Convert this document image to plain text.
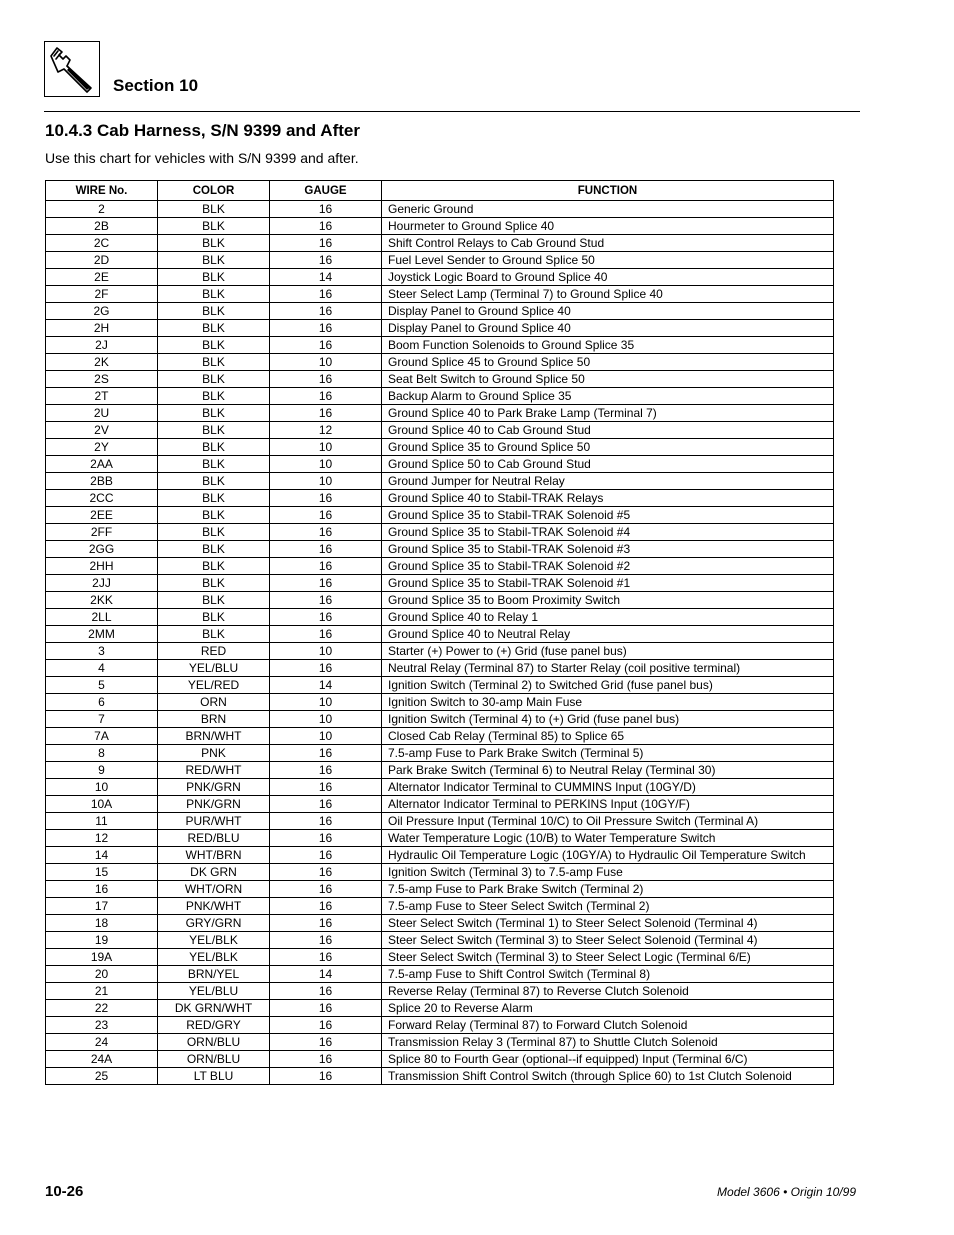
Section 10
10.4.3 Cab Harness, S/N 9399 and After
Use this chart for vehicles with S/N 9399 and after.
WIRE No.	COLOR	GAUGE	FUNCTION
2	BLK	16	Generic Ground
2B	BLK	16	Hourmeter to Ground Splice 40
2C	BLK	16	Shift Control Relays to Cab Ground Stud
2D	BLK	16	Fuel Level Sender to Ground Splice 50
2E	BLK	14	Joystick Logic Board to Ground Splice 40
2F	BLK	16	Steer Select Lamp (Terminal 7) to Ground Splice 40
2G	BLK	16	Display Panel to Ground Splice 40
2H	BLK	16	Display Panel to Ground Splice 40
2J	BLK	16	Boom Function Solenoids to Ground Splice 35
2K	BLK	10	Ground Splice 45 to Ground Splice 50
2S	BLK	16	Seat Belt Switch to Ground Splice 50
2T	BLK	16	Backup Alarm to Ground Splice 35
2U	BLK	16	Ground Splice 40 to Park Brake Lamp (Terminal 7)
2V	BLK	12	Ground Splice 40 to Cab Ground Stud
2Y	BLK	10	Ground Splice 35 to Ground Splice 50
2AA	BLK	10	Ground Splice 50 to Cab Ground Stud
2BB	BLK	10	Ground Jumper for Neutral Relay
2CC	BLK	16	Ground Splice 40 to Stabil-TRAK Relays
2EE	BLK	16	Ground Splice 35 to Stabil-TRAK Solenoid #5
2FF	BLK	16	Ground Splice 35 to Stabil-TRAK Solenoid #4
2GG	BLK	16	Ground Splice 35 to Stabil-TRAK Solenoid #3
2HH	BLK	16	Ground Splice 35 to Stabil-TRAK Solenoid #2
2JJ	BLK	16	Ground Splice 35 to Stabil-TRAK Solenoid #1
2KK	BLK	16	Ground Splice 35 to Boom Proximity Switch
2LL	BLK	16	Ground Splice 40 to Relay 1
2MM	BLK	16	Ground Splice 40 to Neutral Relay
3	RED	10	Starter (+) Power to (+) Grid (fuse panel bus)
4	YEL/BLU	16	Neutral Relay (Terminal 87) to Starter Relay (coil positive terminal)
5	YEL/RED	14	Ignition Switch (Terminal 2) to Switched Grid (fuse panel bus)
6	ORN	10	Ignition Switch to 30-amp Main Fuse
7	BRN	10	Ignition Switch (Terminal 4) to (+) Grid (fuse panel bus)
7A	BRN/WHT	10	Closed Cab Relay (Terminal 85) to Splice 65
8	PNK	16	7.5-amp Fuse to Park Brake Switch (Terminal 5)
9	RED/WHT	16	Park Brake Switch (Terminal 6) to Neutral Relay (Terminal 30)
10	PNK/GRN	16	Alternator Indicator Terminal to CUMMINS Input (10GY/D)
10A	PNK/GRN	16	Alternator Indicator Terminal to PERKINS Input (10GY/F)
11	PUR/WHT	16	Oil Pressure Input (Terminal 10/C) to Oil Pressure Switch (Terminal A)
12	RED/BLU	16	Water Temperature Logic (10/B) to Water Temperature Switch
14	WHT/BRN	16	Hydraulic Oil Temperature Logic (10GY/A) to Hydraulic Oil Temperature Switch
15	DK GRN	16	Ignition Switch (Terminal 3) to 7.5-amp Fuse
16	WHT/ORN	16	7.5-amp Fuse to Park Brake Switch (Terminal 2)
17	PNK/WHT	16	7.5-amp Fuse to Steer Select Switch (Terminal 2)
18	GRY/GRN	16	Steer Select Switch (Terminal 1) to Steer Select Solenoid (Terminal 4)
19	YEL/BLK	16	Steer Select Switch (Terminal 3) to Steer Select Solenoid (Terminal 4)
19A	YEL/BLK	16	Steer Select Switch (Terminal 3) to Steer Select Logic (Terminal 6/E)
20	BRN/YEL	14	7.5-amp Fuse to Shift Control Switch (Terminal 8)
21	YEL/BLU	16	Reverse Relay (Terminal 87) to Reverse Clutch Solenoid
22	DK GRN/WHT	16	Splice 20 to Reverse Alarm
23	RED/GRY	16	Forward Relay (Terminal 87) to Forward Clutch Solenoid
24	ORN/BLU	16	Transmission Relay 3 (Terminal 87) to Shuttle Clutch Solenoid
24A	ORN/BLU	16	Splice 80 to Fourth Gear (optional--if equipped) Input (Terminal 6/C)
25	LT BLU	16	Transmission Shift Control Switch (through Splice 60) to 1st Clutch Solenoid
10-26	Model 3606 • Origin 10/99
